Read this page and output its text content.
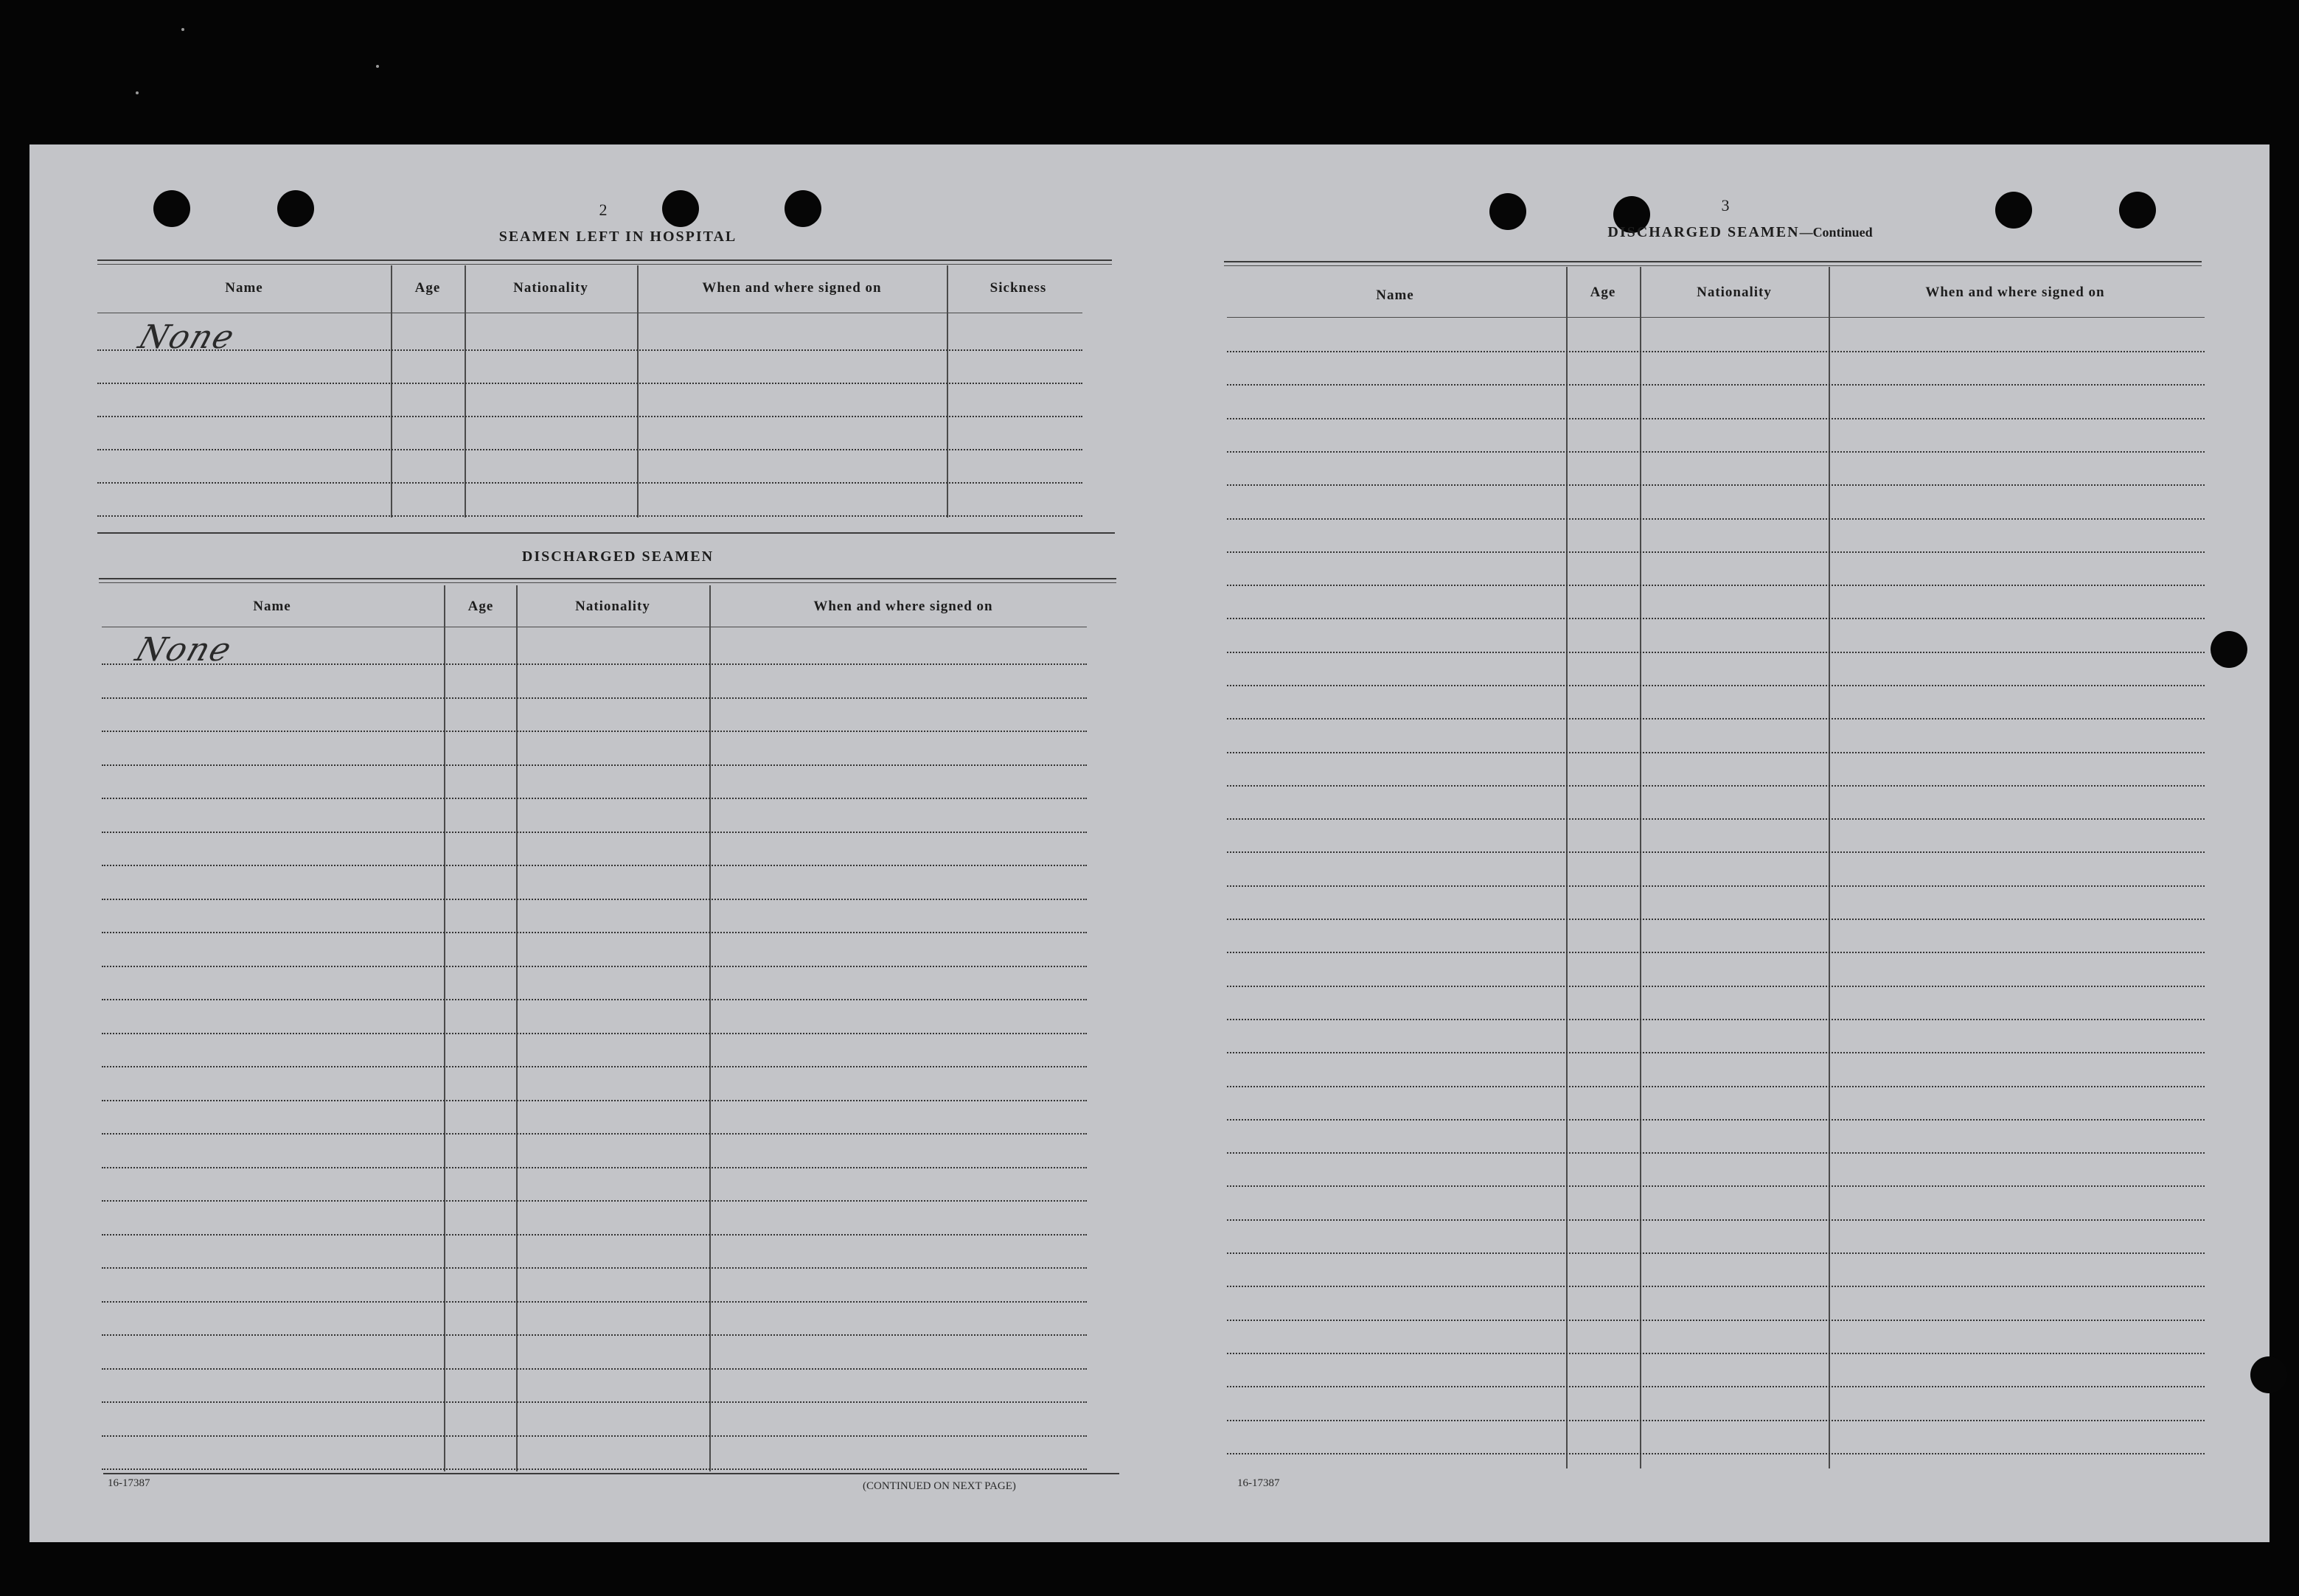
2
SEAMEN LEFT IN HOSPITAL
Name	Age	Nationality	When and where signed on	Sickness
None
DISCHARGED SEAMEN
Name	Age	Nationality	When and where signed on
None
16-17387	(CONTINUED ON NEXT PAGE)
3
DISCHARGED SEAMEN—Continued
Name	Age	Nationality	When and where signed on
16-17387
